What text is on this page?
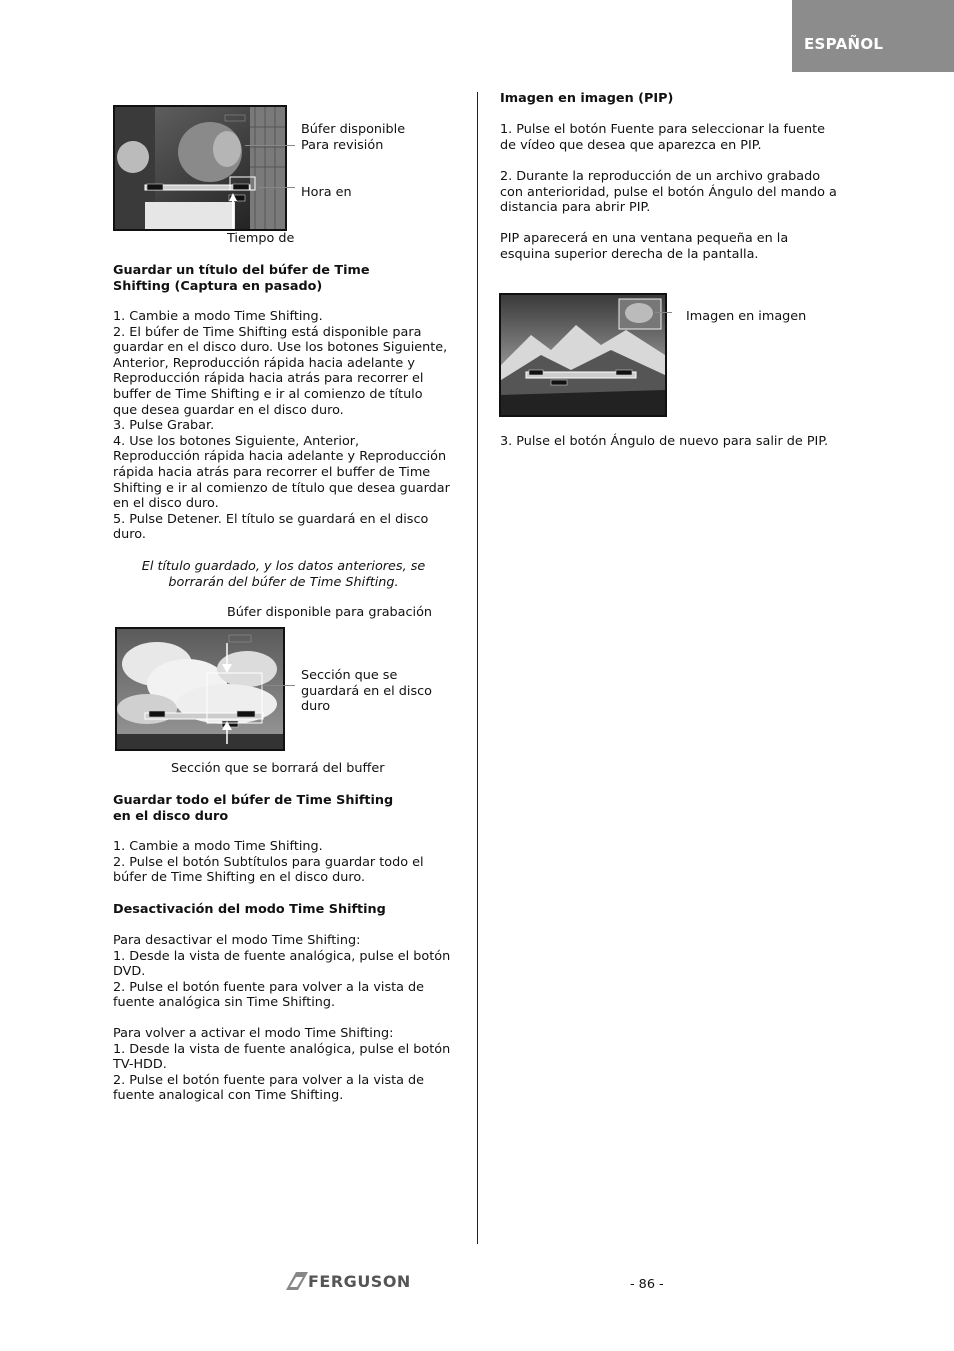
ESPAÑOL
Búfer disponible
Para revisión
Hora en
Tiempo de
Guardar un título del búfer de Time
Shifting (Captura en pasado)
1. Cambie a modo Time Shifting.
2. El búfer de Time Shifting está disponible para
guardar en el disco duro. Use los botones Siguiente,
Anterior, Reproducción rápida hacia adelante y
Reproducción rápida hacia atrás para recorrer el
buffer de Time Shifting e ir al comienzo de título
que desea guardar en el disco duro.
3. Pulse Grabar.
4. Use los botones Siguiente, Anterior,
Reproducción rápida hacia adelante y Reproducción
rápida hacia atrás para recorrer el buffer de Time
Shifting e ir al comienzo de título que desea guardar
en el disco duro.
5. Pulse Detener. El título se guardará en el disco
duro.
El título guardado, y los datos anteriores, se
borrarán del búfer de Time Shifting.
Búfer disponible para grabación
Sección que se
guardará en el disco
duro
Sección que se borrará del buffer
Guardar todo el búfer de Time Shifting
en el disco duro
1. Cambie a modo Time Shifting.
2. Pulse el botón Subtítulos para guardar todo el
búfer de Time Shifting en el disco duro.
Desactivación del modo Time Shifting
Para desactivar el modo Time Shifting:
1. Desde la vista de fuente analógica, pulse el botón
DVD.
2. Pulse el botón fuente para volver a la vista de
fuente analógica sin Time Shifting.
Para volver a activar el modo Time Shifting:
1. Desde la vista de fuente analógica, pulse el botón
TV-HDD.
2. Pulse el botón fuente para volver a la vista de
fuente analogical con Time Shifting.
Imagen en imagen (PIP)
1. Pulse el botón Fuente para seleccionar la fuente
de vídeo que desea que aparezca en PIP.
2. Durante la reproducción de un archivo grabado
con anterioridad, pulse el botón Ángulo del mando a
distancia para abrir PIP.
PIP aparecerá en una ventana pequeña en la
esquina superior derecha de la pantalla.
Imagen en imagen
3. Pulse el botón Ángulo de nuevo para salir de PIP.
FERGUSON	- 86 -
